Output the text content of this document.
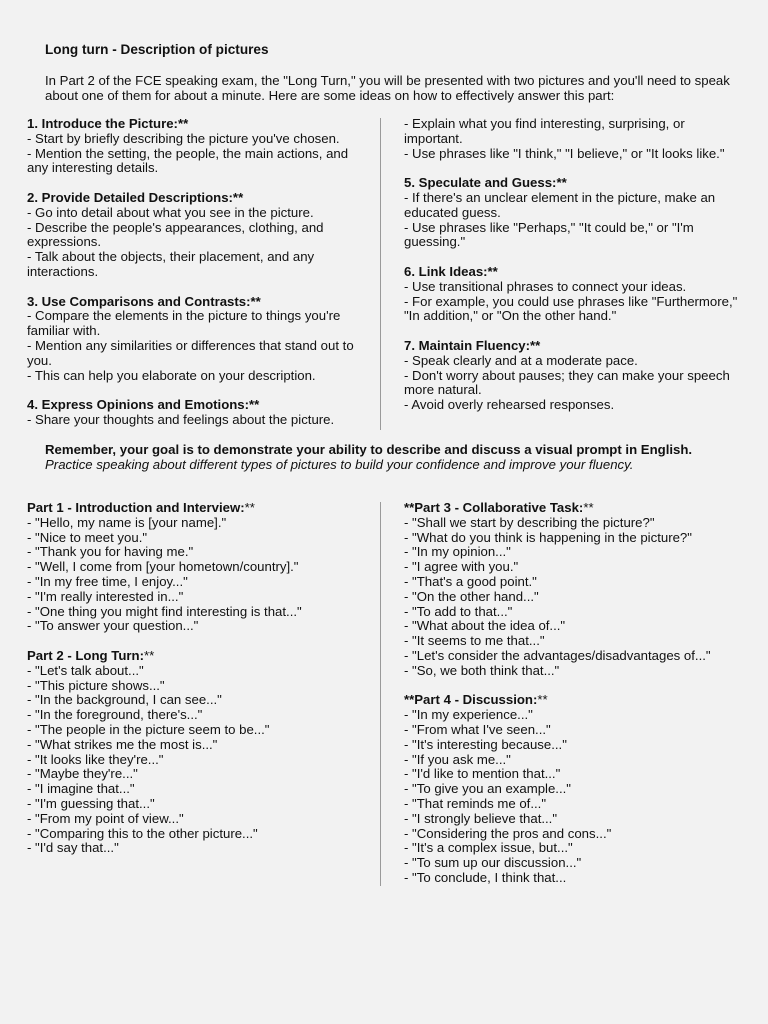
Long turn - Description of pictures
In Part 2 of the FCE speaking exam, the "Long Turn," you will be presented with two pictures and you'll need to speak about one of them for about a minute. Here are some ideas on how to effectively answer this part:
1. Introduce the Picture:**
- Start by briefly describing the picture you've chosen.
- Mention the setting, the people, the main actions, and any interesting details.
2. Provide Detailed Descriptions:**
- Go into detail about what you see in the picture.
- Describe the people's appearances, clothing, and expressions.
- Talk about the objects, their placement, and any interactions.
3. Use Comparisons and Contrasts:**
- Compare the elements in the picture to things you're familiar with.
- Mention any similarities or differences that stand out to you.
- This can help you elaborate on your description.
4. Express Opinions and Emotions:**
- Share your thoughts and feelings about the picture.
- Explain what you find interesting, surprising, or important.
- Use phrases like "I think," "I believe," or "It looks like."
5. Speculate and Guess:**
- If there's an unclear element in the picture, make an educated guess.
- Use phrases like "Perhaps," "It could be," or "I'm guessing."
6. Link Ideas:**
- Use transitional phrases to connect your ideas.
- For example, you could use phrases like "Furthermore," "In addition," or "On the other hand."
7. Maintain Fluency:**
- Speak clearly and at a moderate pace.
- Don't worry about pauses; they can make your speech more natural.
- Avoid overly rehearsed responses.
Remember, your goal is to demonstrate your ability to describe and discuss a visual prompt in English. Practice speaking about different types of pictures to build your confidence and improve your fluency.
Part 1 - Introduction and Interview:**
- "Hello, my name is [your name]."
- "Nice to meet you."
- "Thank you for having me."
- "Well, I come from [your hometown/country]."
- "In my free time, I enjoy..."
- "I'm really interested in..."
- "One thing you might find interesting is that..."
- "To answer your question..."
Part 2 - Long Turn:**
- "Let's talk about..."
- "This picture shows..."
- "In the background, I can see..."
- "In the foreground, there's..."
- "The people in the picture seem to be..."
- "What strikes me the most is..."
- "It looks like they're..."
- "Maybe they're..."
- "I imagine that..."
- "I'm guessing that..."
- "From my point of view..."
- "Comparing this to the other picture..."
- "I'd say that..."
**Part 3 - Collaborative Task:**
- "Shall we start by describing the picture?"
- "What do you think is happening in the picture?"
- "In my opinion..."
- "I agree with you."
- "That's a good point."
- "On the other hand..."
- "To add to that..."
- "What about the idea of..."
- "It seems to me that..."
- "Let's consider the advantages/disadvantages of..."
- "So, we both think that..."
**Part 4 - Discussion:**
- "In my experience..."
- "From what I've seen..."
- "It's interesting because..."
- "If you ask me..."
- "I'd like to mention that..."
- "To give you an example..."
- "That reminds me of..."
- "I strongly believe that..."
- "Considering the pros and cons..."
- "It's a complex issue, but..."
- "To sum up our discussion..."
- "To conclude, I think that...
